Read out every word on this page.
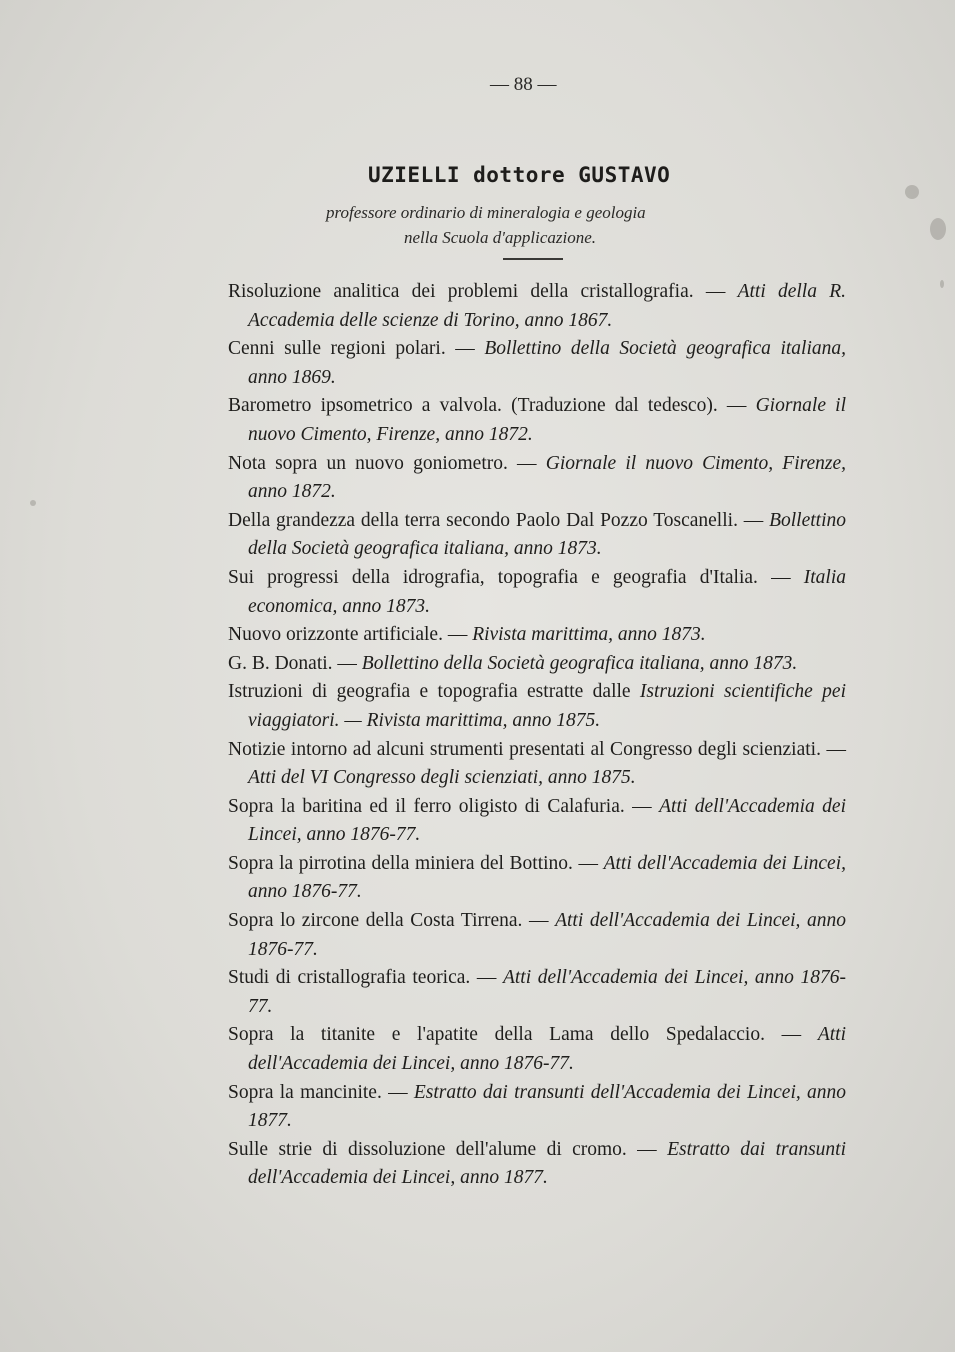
— 88 —
UZIELLI dottore GUSTAVO
professore ordinario di mineralogia e geologia
nella Scuola d'applicazione.

Risoluzione analitica dei problemi della cristallografia. — Atti della R. Accademia delle scienze di Torino, anno 1867.

Cenni sulle regioni polari. — Bollettino della Società geografica italiana, anno 1869.

Barometro ipsometrico a valvola. (Traduzione dal tedesco). — Giornale il nuovo Cimento, Firenze, anno 1872.

Nota sopra un nuovo goniometro. — Giornale il nuovo Cimento, Firenze, anno 1872.

Della grandezza della terra secondo Paolo Dal Pozzo Toscanelli. — Bollettino della Società geografica italiana, anno 1873.

Sui progressi della idrografia, topografia e geografia d'Italia. — Italia economica, anno 1873.

Nuovo orizzonte artificiale. — Rivista marittima, anno 1873.

G. B. Donati. — Bollettino della Società geografica italiana, anno 1873.

Istruzioni di geografia e topografia estratte dalle Istruzioni scientifiche pei viaggiatori. — Rivista marittima, anno 1875.

Notizie intorno ad alcuni strumenti presentati al Congresso degli scienziati. — Atti del VI Congresso degli scienziati, anno 1875.

Sopra la baritina ed il ferro oligisto di Calafuria. — Atti dell'Accademia dei Lincei, anno 1876-77.

Sopra la pirrotina della miniera del Bottino. — Atti dell'Accademia dei Lincei, anno 1876-77.

Sopra lo zircone della Costa Tirrena. — Atti dell'Accademia dei Lincei, anno 1876-77.

Studi di cristallografia teorica. — Atti dell'Accademia dei Lincei, anno 1876-77.

Sopra la titanite e l'apatite della Lama dello Spedalaccio. — Atti dell'Accademia dei Lincei, anno 1876-77.

Sopra la mancinite. — Estratto dai transunti dell'Accademia dei Lincei, anno 1877.

Sulle strie di dissoluzione dell'alume di cromo. — Estratto dai transunti dell'Accademia dei Lincei, anno 1877.
